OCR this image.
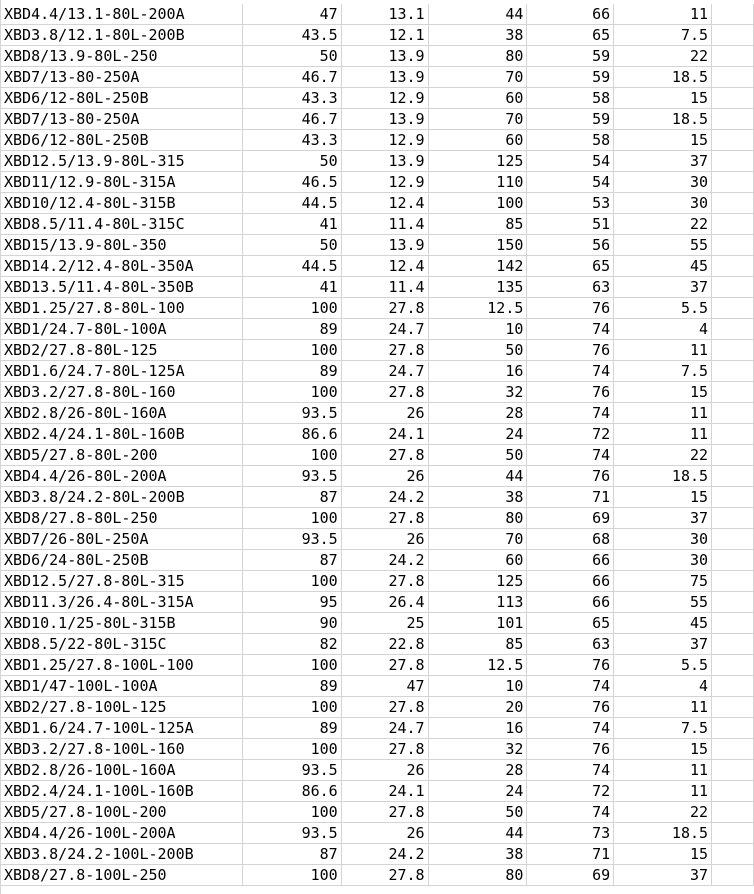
XBD4.4/13.1-80L-200A	47	13.1	44	66	11	
XBD3.8/12.1-80L-200B	43.5	12.1	38	65	7.5	
XBD8/13.9-80L-250	50	13.9	80	59	22	
XBD7/13-80-250A	46.7	13.9	70	59	18.5	
XBD6/12-80L-250B	43.3	12.9	60	58	15	
XBD7/13-80-250A	46.7	13.9	70	59	18.5	
XBD6/12-80L-250B	43.3	12.9	60	58	15	
XBD12.5/13.9-80L-315	50	13.9	125	54	37	
XBD11/12.9-80L-315A	46.5	12.9	110	54	30	
XBD10/12.4-80L-315B	44.5	12.4	100	53	30	
XBD8.5/11.4-80L-315C	41	11.4	85	51	22	
XBD15/13.9-80L-350	50	13.9	150	56	55	
XBD14.2/12.4-80L-350A	44.5	12.4	142	65	45	
XBD13.5/11.4-80L-350B	41	11.4	135	63	37	
XBD1.25/27.8-80L-100	100	27.8	12.5	76	5.5	
XBD1/24.7-80L-100A	89	24.7	10	74	4	
XBD2/27.8-80L-125	100	27.8	50	76	11	
XBD1.6/24.7-80L-125A	89	24.7	16	74	7.5	
XBD3.2/27.8-80L-160	100	27.8	32	76	15	
XBD2.8/26-80L-160A	93.5	26	28	74	11	
XBD2.4/24.1-80L-160B	86.6	24.1	24	72	11	
XBD5/27.8-80L-200	100	27.8	50	74	22	
XBD4.4/26-80L-200A	93.5	26	44	76	18.5	
XBD3.8/24.2-80L-200B	87	24.2	38	71	15	
XBD8/27.8-80L-250	100	27.8	80	69	37	
XBD7/26-80L-250A	93.5	26	70	68	30	
XBD6/24-80L-250B	87	24.2	60	66	30	
XBD12.5/27.8-80L-315	100	27.8	125	66	75	
XBD11.3/26.4-80L-315A	95	26.4	113	66	55	
XBD10.1/25-80L-315B	90	25	101	65	45	
XBD8.5/22-80L-315C	82	22.8	85	63	37	
XBD1.25/27.8-100L-100	100	27.8	12.5	76	5.5	
XBD1/47-100L-100A	89	47	10	74	4	
XBD2/27.8-100L-125	100	27.8	20	76	11	
XBD1.6/24.7-100L-125A	89	24.7	16	74	7.5	
XBD3.2/27.8-100L-160	100	27.8	32	76	15	
XBD2.8/26-100L-160A	93.5	26	28	74	11	
XBD2.4/24.1-100L-160B	86.6	24.1	24	72	11	
XBD5/27.8-100L-200	100	27.8	50	74	22	
XBD4.4/26-100L-200A	93.5	26	44	73	18.5	
XBD3.8/24.2-100L-200B	87	24.2	38	71	15	
XBD8/27.8-100L-250	100	27.8	80	69	37	
